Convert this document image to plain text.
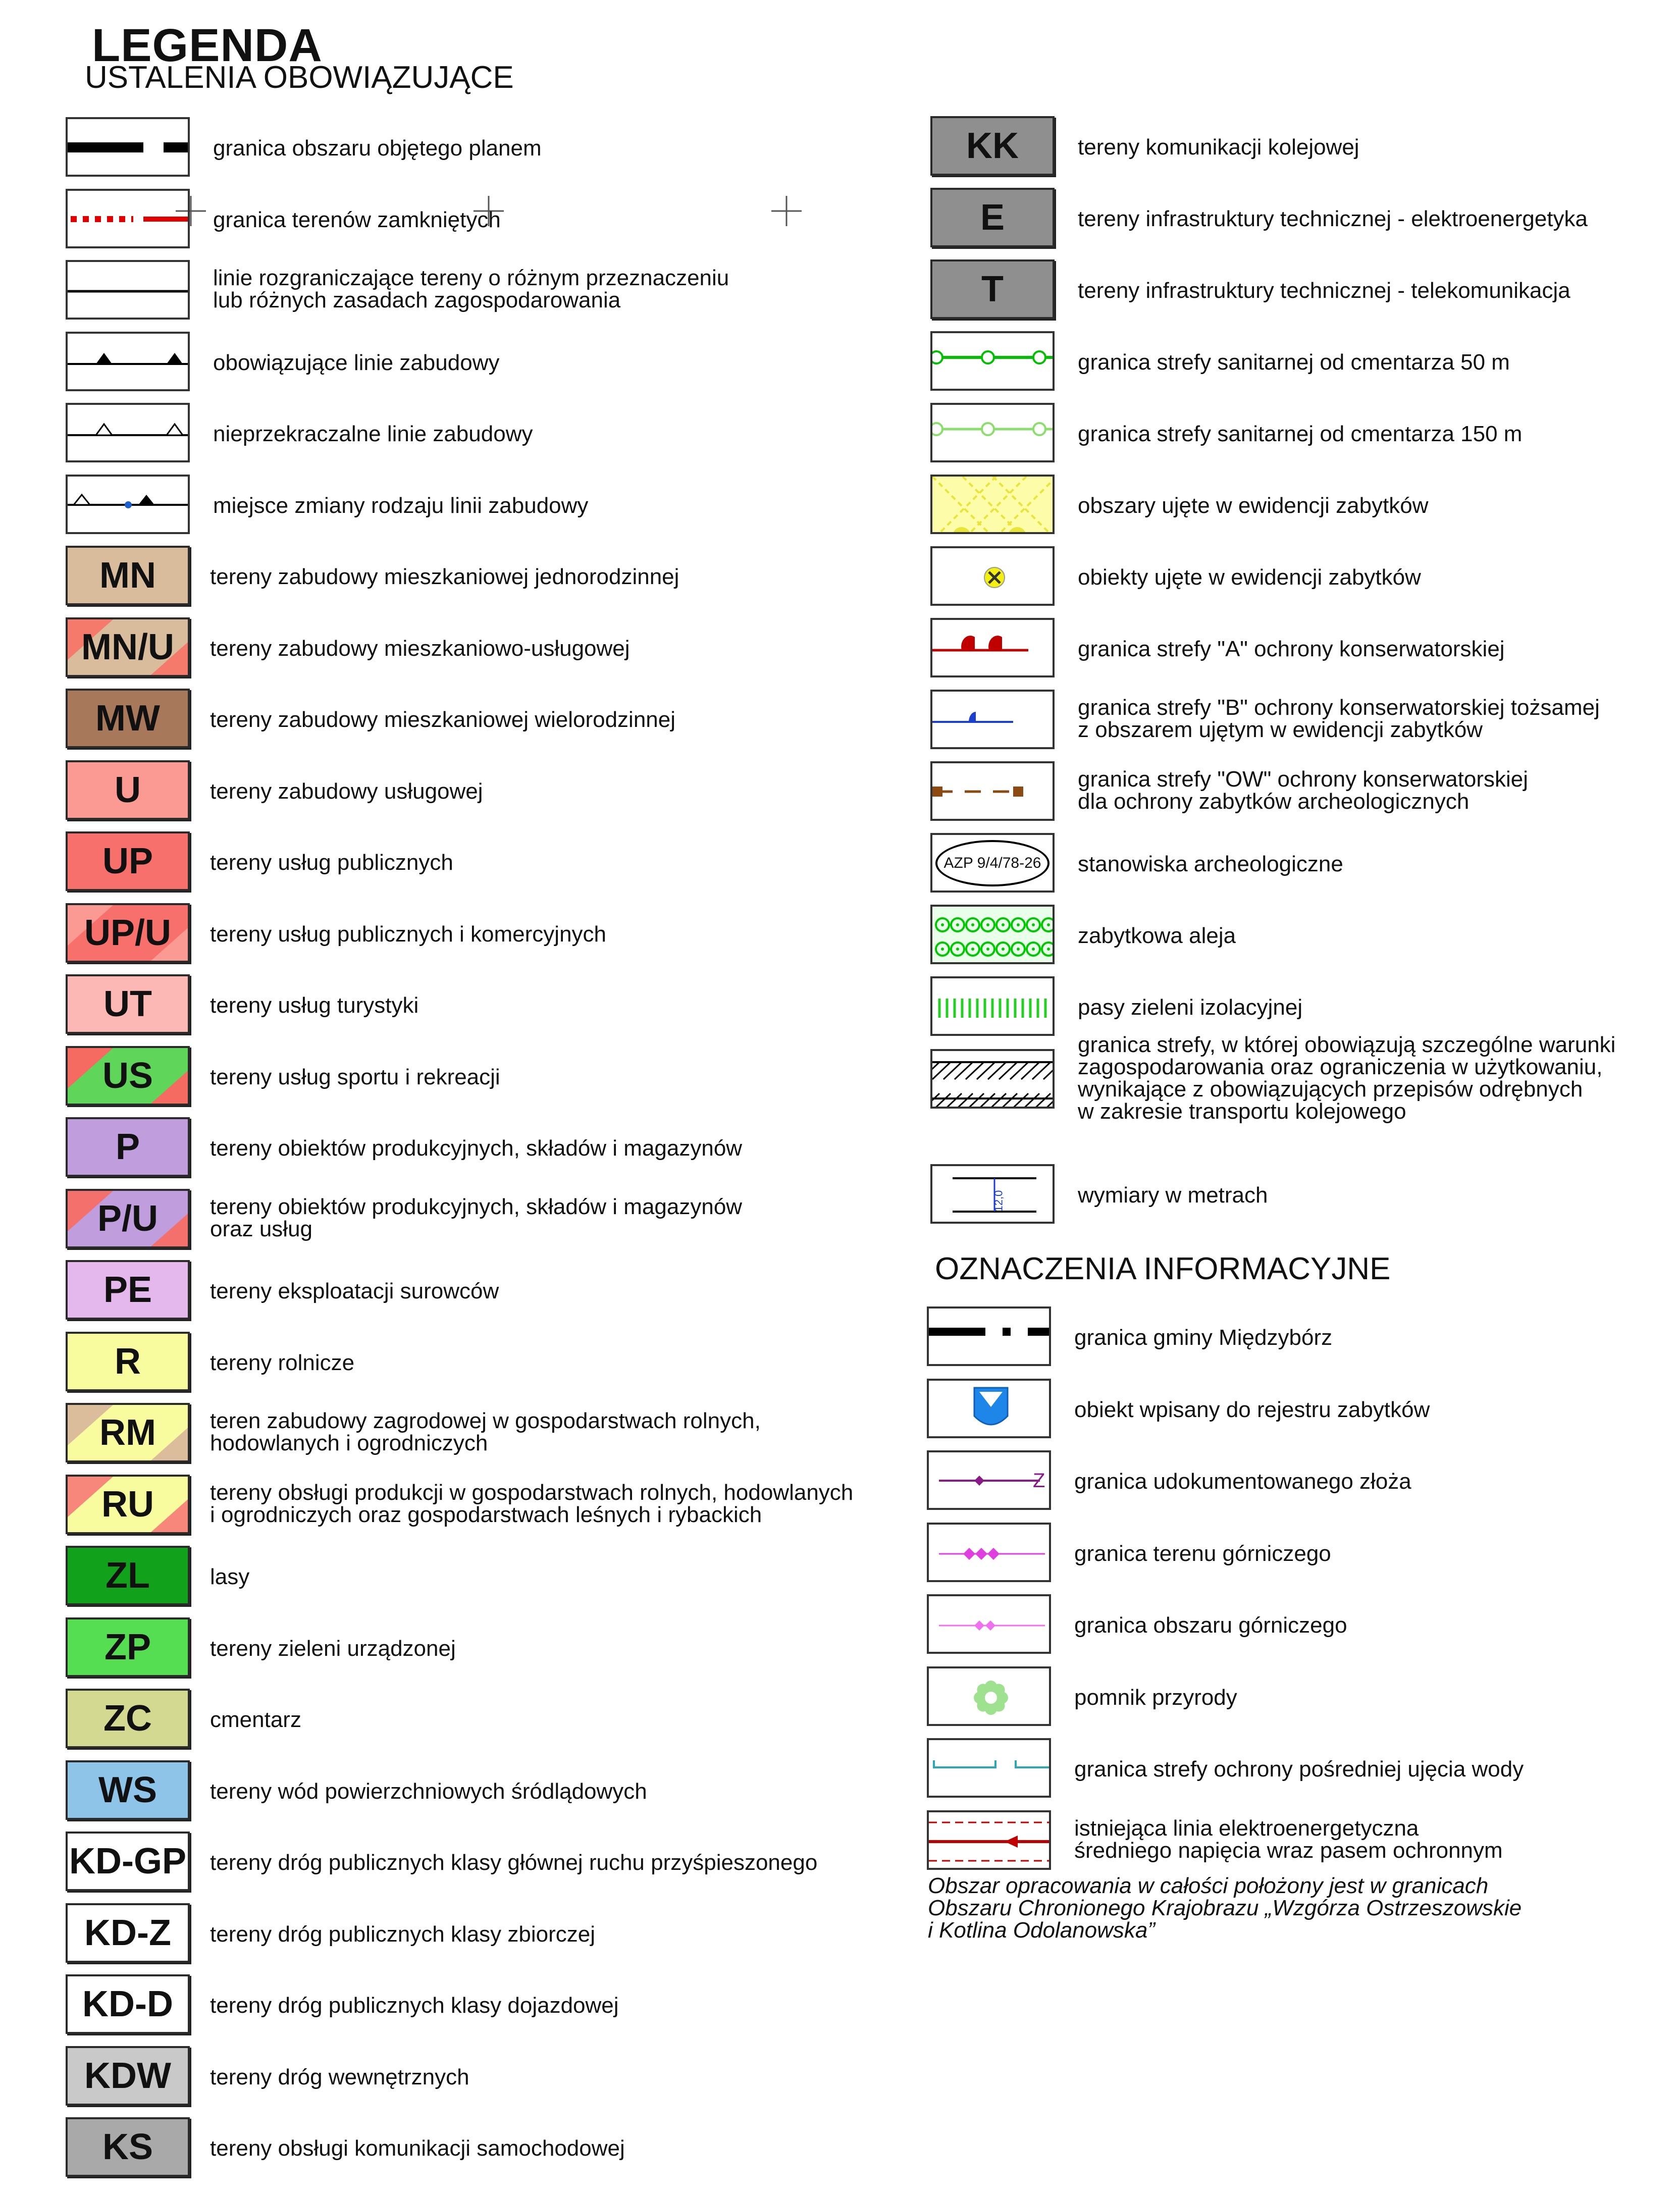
LEGENDA
USTALENIA OBOWIĄZUJĄCE
OZNACZENIA INFORMACYJNE
granica obszaru objętego planem
granica terenów zamkniętych
linie rozgraniczające tereny o różnym przeznaczeniu
lub różnych zasadach zagospodarowania
obowiązujące linie zabudowy
nieprzekraczalne linie zabudowy
miejsce zmiany rodzaju linii zabudowy
MN tereny zabudowy mieszkaniowej jednorodzinnej
MN/U tereny zabudowy mieszkaniowo-usługowej
MW tereny zabudowy mieszkaniowej wielorodzinnej
U	tereny zabudowy usługowej
UP	tereny usług publicznych
UP/U tereny usług publicznych i komercyjnych
UT	tereny usług turystyki
US	tereny usług sportu i rekreacji
P	tereny obiektów produkcyjnych, składów i magazynów
P/U tereny obiektów produkcyjnych, składów i magazynów
oraz usług
PE	tereny eksploatacji surowców
R	tereny rolnicze
RM teren zabudowy zagrodowej w gospodarstwach rolnych,
hodowlanych i ogrodniczych
RU	tereny obsługi produkcji w gospodarstwach rolnych, hodowlanych
i ogrodniczych oraz gospodarstwach leśnych i rybackich
ZL	lasy
ZP	tereny zieleni urządzonej
ZC	cmentarz
WS tereny wód powierzchniowych śródlądowych
KD-GP tereny dróg publicznych klasy głównej ruchu przyśpieszonego
KD-Z tereny dróg publicznych klasy zbiorczej
KD-D tereny dróg publicznych klasy dojazdowej
KDW tereny dróg wewnętrznych
KS	tereny obsługi komunikacji samochodowej
KK	tereny komunikacji kolejowej
E	tereny infrastruktury technicznej - elektroenergetyka
T	tereny infrastruktury technicznej - telekomunikacja
granica strefy sanitarnej od cmentarza 50 m
granica strefy sanitarnej od cmentarza 150 m
obszary ujęte w ewidencji zabytków
obiekty ujęte w ewidencji zabytków
granica strefy "A" ochrony konserwatorskiej
granica strefy "B" ochrony konserwatorskiej tożsamej
z obszarem ujętym w ewidencji zabytków
granica strefy "OW" ochrony konserwatorskiej
dla ochrony zabytków archeologicznych
AZP 9/4/78-26 stanowiska archeologiczne
zabytkowa aleja
pasy zieleni izolacyjnej
granica strefy, w której obowiązują szczególne warunki
zagospodarowania oraz ograniczenia w użytkowaniu,
wynikające z obowiązujących przepisów odrębnych
w zakresie transportu kolejowego
12,0	wymiary w metrach
granica gminy Międzybórz
obiekt wpisany do rejestru zabytków
Z granica udokumentowanego złoża
granica terenu górniczego
granica obszaru górniczego
pomnik przyrody
granica strefy ochrony pośredniej ujęcia wody
istniejąca linia elektroenergetyczna
średniego napięcia wraz pasem ochronnym
Obszar opracowania w całości położony jest w granicach
Obszaru Chronionego Krajobrazu „Wzgórza Ostrzeszowskie
i Kotlina Odolanowska”
